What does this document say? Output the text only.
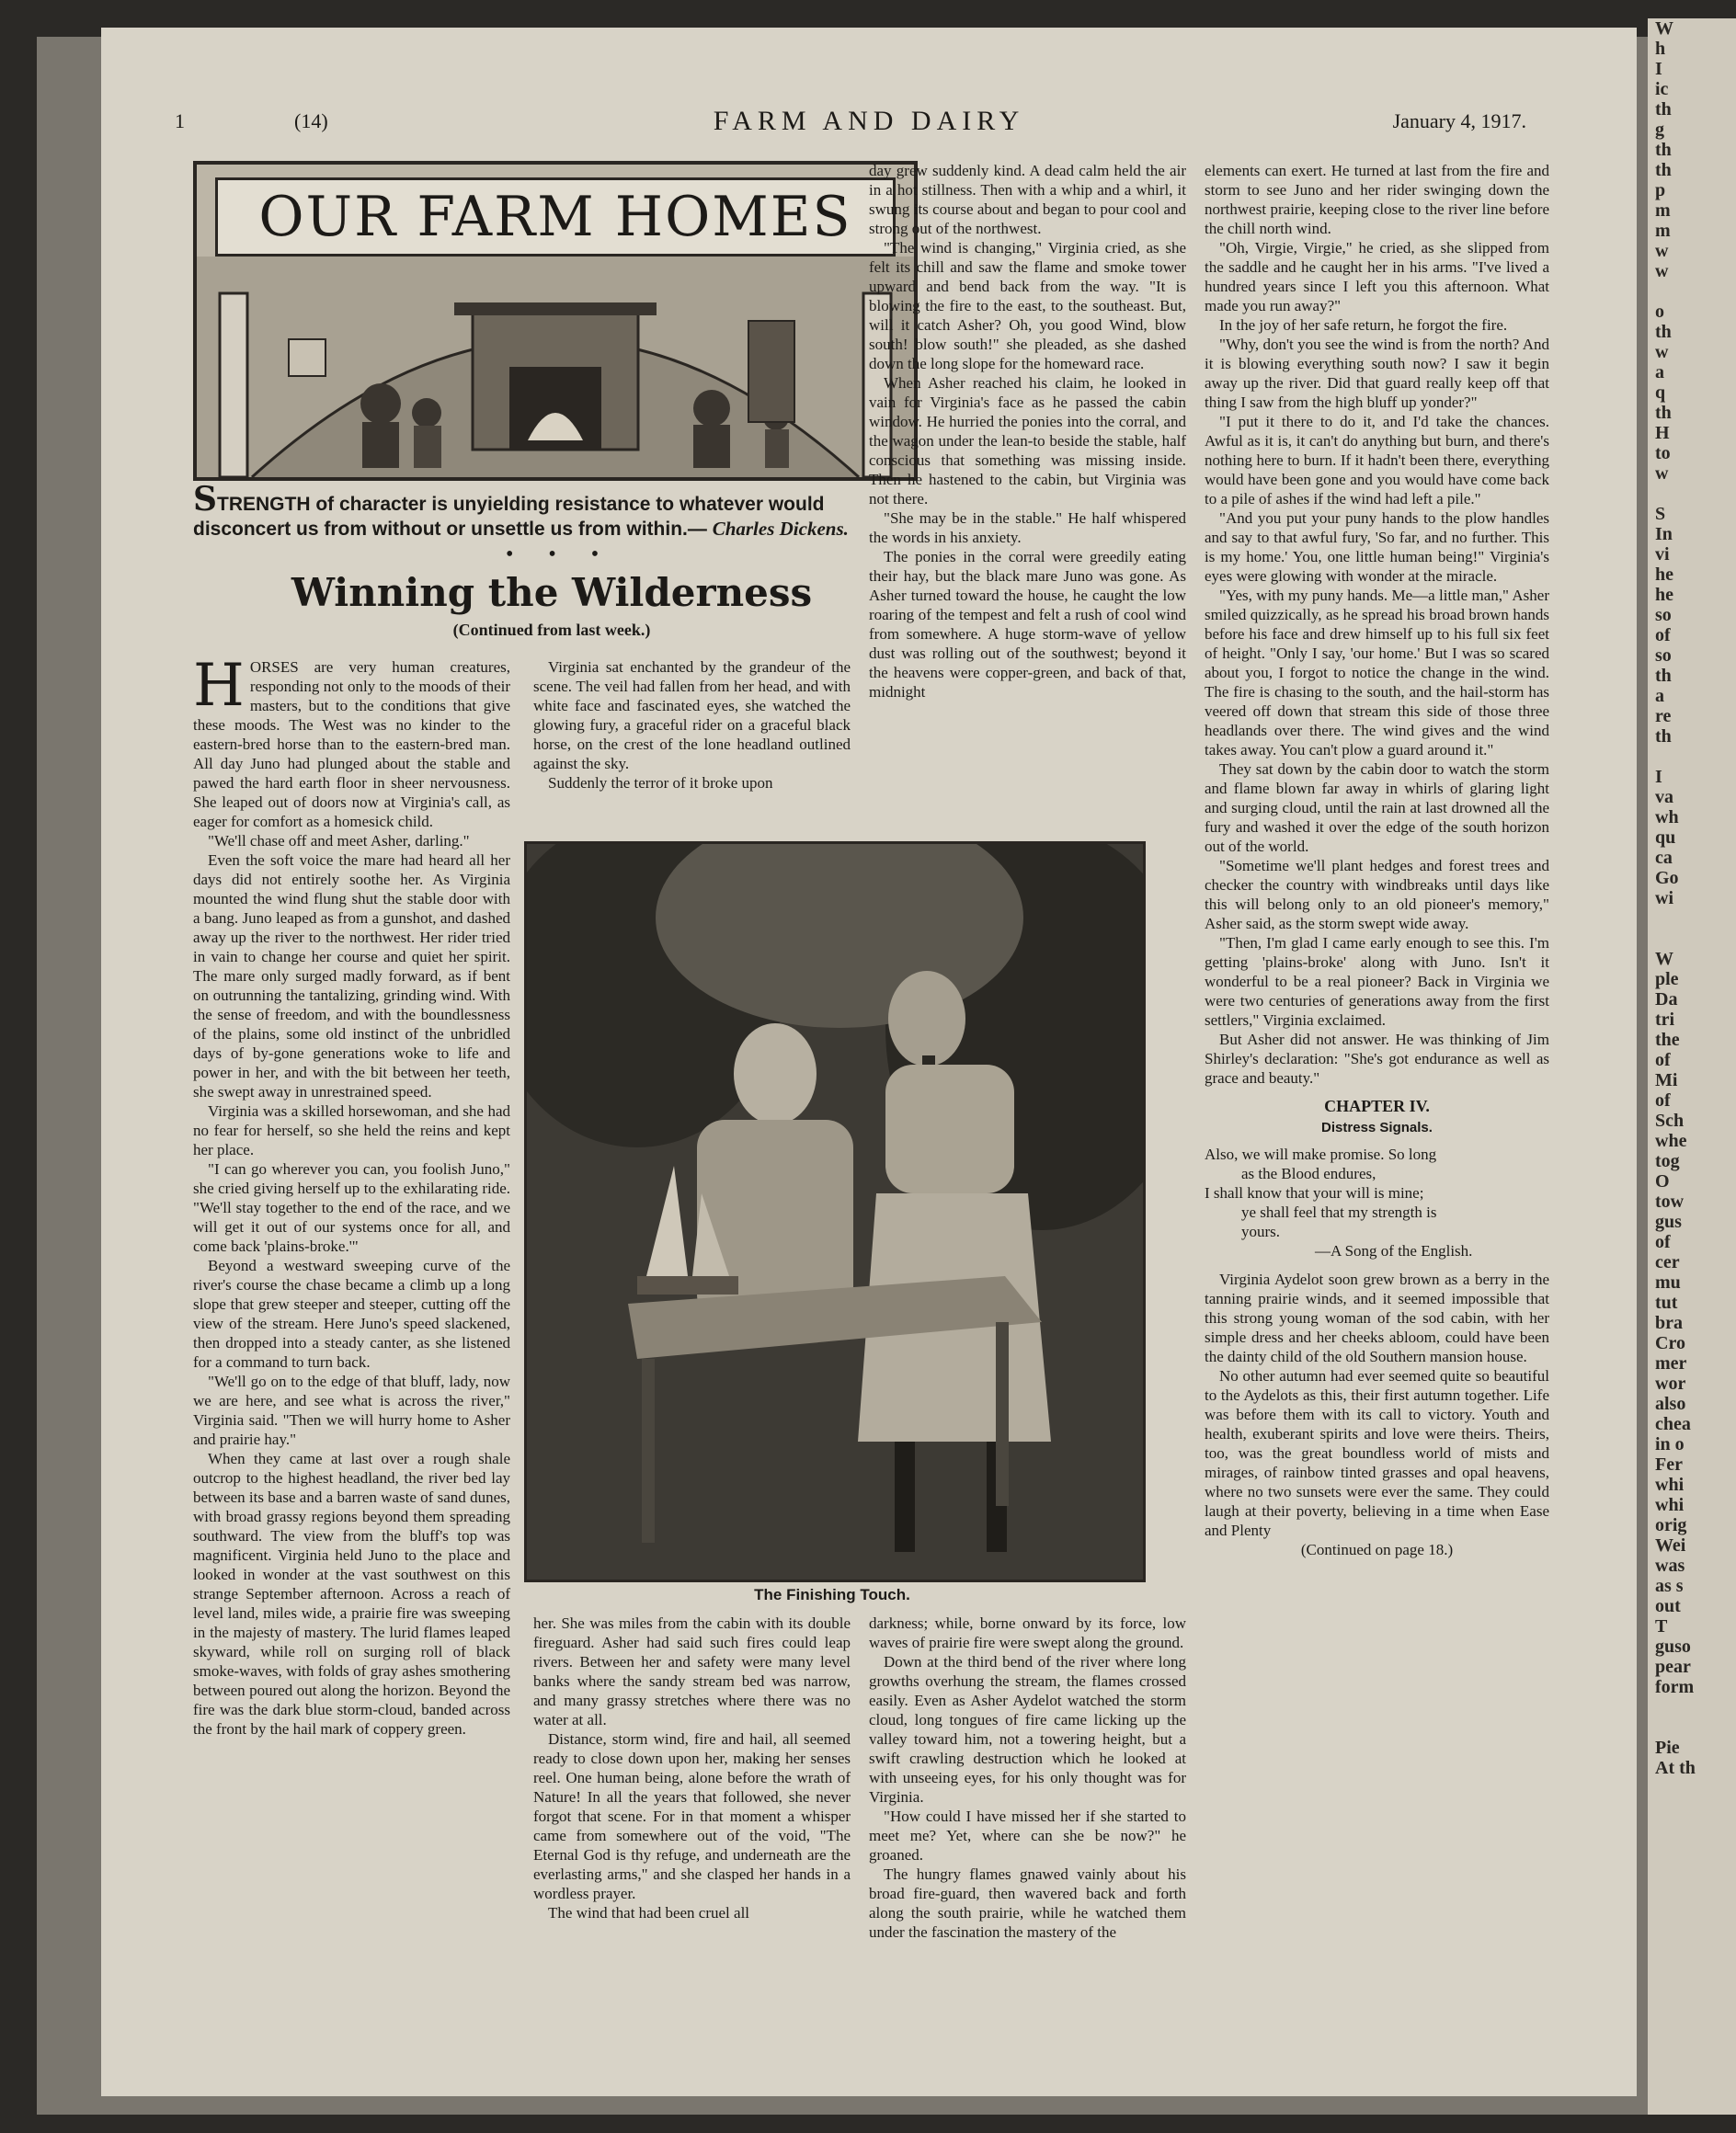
1	(14)	FARM AND DAIRY	January 4, 1917.
OUR FARM HOMES
STRENGTH of character is unyielding resistance to whatever would disconcert us from without or unsettle us from within.— Charles Dickens.
• • •
Winning the Wilderness
(Continued from last week.)
H ORSES are very human creatures, responding not only to the moods of their masters, but to the conditions that give these moods. The West was no kinder to the eastern-bred horse than to the eastern-bred man. All day Juno had plunged about the stable and pawed the hard earth floor in sheer nervousness. She leaped out of doors now at Virginia's call, as eager for comfort as a homesick child.

"We'll chase off and meet Asher, darling."

Even the soft voice the mare had heard all her days did not entirely soothe her. As Virginia mounted the wind flung shut the stable door with a bang. Juno leaped as from a gunshot, and dashed away up the river to the northwest. Her rider tried in vain to change her course and quiet her spirit. The mare only surged madly forward, as if bent on outrunning the tantalizing, grinding wind. With the sense of freedom, and with the boundlessness of the plains, some old instinct of the unbridled days of by-gone generations woke to life and power in her, and with the bit between her teeth, she swept away in unrestrained speed.

Virginia was a skilled horsewoman, and she had no fear for herself, so she held the reins and kept her place.

"I can go wherever you can, you foolish Juno," she cried giving herself up to the exhilarating ride. "We'll stay together to the end of the race, and we will get it out of our systems once for all, and come back 'plains-broke.'"

Beyond a westward sweeping curve of the river's course the chase became a climb up a long slope that grew steeper and steeper, cutting off the view of the stream. Here Juno's speed slackened, then dropped into a steady canter, as she listened for a command to turn back.

"We'll go on to the edge of that bluff, lady, now we are here, and see what is across the river," Virginia said. "Then we will hurry home to Asher and prairie hay."

When they came at last over a rough shale outcrop to the highest headland, the river bed lay between its base and a barren waste of sand dunes, with broad grassy regions beyond them spreading southward. The view from the bluff's top was magnificent. Virginia held Juno to the place and looked in wonder at the vast southwest on this strange September afternoon. Across a reach of level land, miles wide, a prairie fire was sweeping in the majesty of mastery. The lurid flames leaped skyward, while roll on surging roll of black smoke-waves, with folds of gray ashes smothering between poured out along the horizon. Beyond the fire was the dark blue storm-cloud, banded across the front by the hail mark of coppery green.

Virginia sat enchanted by the grandeur of the scene. The veil had fallen from her head, and with white face and fascinated eyes, she watched the glowing fury, a graceful rider on a graceful black horse, on the crest of the lone headland outlined against the sky.

Suddenly the terror of it broke upon

her. She was miles from the cabin with its double fireguard. Asher had said such fires could leap rivers. Between her and safety were many level banks where the sandy stream bed was narrow, and many grassy stretches where there was no water at all.

Distance, storm wind, fire and hail, all seemed ready to close down upon her, making her senses reel. One human being, alone before the wrath of Nature! In all the years that followed, she never forgot that scene. For in that moment a whisper came from somewhere out of the void, "The Eternal God is thy refuge, and underneath are the everlasting arms," and she clasped her hands in a wordless prayer.

The wind that had been cruel all

day grew suddenly kind. A dead calm held the air in a hot stillness. Then with a whip and a whirl, it swung its course about and began to pour cool and strong out of the northwest.

"The wind is changing," Virginia cried, as she felt its chill and saw the flame and smoke tower upward and bend back from the way. "It is blowing the fire to the east, to the southeast. But, will it catch Asher? Oh, you good Wind, blow south! blow south!" she pleaded, as she dashed down the long slope for the homeward race.

When Asher reached his claim, he looked in vain for Virginia's face as he passed the cabin window. He hurried the ponies into the corral, and the wagon under the lean-to beside the stable, half conscious that something was missing inside. Then he hastened to the cabin, but Virginia was not there.

"She may be in the stable." He half whispered the words in his anxiety.

The ponies in the corral were greedily eating their hay, but the black mare Juno was gone. As Asher turned toward the house, he caught the low roaring of the tempest and felt a rush of cool wind from somewhere. A huge storm-wave of yellow dust was rolling out of the southwest; beyond it the heavens were copper-green, and back of that, midnight

darkness; while, borne onward by its force, low waves of prairie fire were swept along the ground.

Down at the third bend of the river where long growths overhung the stream, the flames crossed easily. Even as Asher Aydelot watched the storm cloud, long tongues of fire came licking up the valley toward him, not a towering height, but a swift crawling destruction which he looked at with unseeing eyes, for his only thought was for Virginia.

"How could I have missed her if she started to meet me? Yet, where can she be now?" he groaned.

The hungry flames gnawed vainly about his broad fire-guard, then wavered back and forth along the south prairie, while he watched them under the fascination the mastery of the

elements can exert. He turned at last from the fire and storm to see Juno and her rider swinging down the northwest prairie, keeping close to the river line before the chill north wind.

"Oh, Virgie, Virgie," he cried, as she slipped from the saddle and he caught her in his arms. "I've lived a hundred years since I left you this afternoon. What made you run away?"

In the joy of her safe return, he forgot the fire.

"Why, don't you see the wind is from the north? And it is blowing everything south now? I saw it begin away up the river. Did that guard really keep off that thing I saw from the high bluff up yonder?"

"I put it there to do it, and I'd take the chances. Awful as it is, it can't do anything but burn, and there's nothing here to burn. If it hadn't been there, everything would have been gone and you would have come back to a pile of ashes if the wind had left a pile."

"And you put your puny hands to the plow handles and say to that awful fury, 'So far, and no further. This is my home.' You, one little human being!" Virginia's eyes were glowing with wonder at the miracle.

"Yes, with my puny hands. Me—a little man," Asher smiled quizzically, as he spread his broad brown hands before his face and drew himself up to his full six feet of height. "Only I say, 'our home.' But I was so scared about you, I forgot to notice the change in the wind. The fire is chasing to the south, and the hail-storm has veered off down that stream this side of those three headlands over there. The wind gives and the wind takes away. You can't plow a guard around it."

They sat down by the cabin door to watch the storm and flame blown far away in whirls of glaring light and surging cloud, until the rain at last drowned all the fury and washed it over the edge of the south horizon out of the world.

"Sometime we'll plant hedges and forest trees and checker the country with windbreaks until days like this will belong only to an old pioneer's memory," Asher said, as the storm swept wide away.

"Then, I'm glad I came early enough to see this. I'm getting 'plains-broke' along with Juno. Isn't it wonderful to be a real pioneer? Back in Virginia we were two centuries of generations away from the first settlers," Virginia exclaimed.

But Asher did not answer. He was thinking of Jim Shirley's declaration: "She's got endurance as well as grace and beauty."

CHAPTER IV.
Distress Signals.
Also, we will make promise. So long
as the Blood endures,
I shall know that your will is mine;
ye shall feel that my strength is
yours.
—A Song of the English.

Virginia Aydelot soon grew brown as a berry in the tanning prairie winds, and it seemed impossible that this strong young woman of the sod cabin, with her simple dress and her cheeks abloom, could have been the dainty child of the old Southern mansion house.

No other autumn had ever seemed quite so beautiful to the Aydelots as this, their first autumn together. Life was before them with its call to victory. Youth and health, exuberant spirits and love were theirs. Theirs, too, was the great boundless world of mists and mirages, of rainbow tinted grasses and opal heavens, where no two sunsets were ever the same. They could laugh at their poverty, believing in a time when Ease and Plenty

(Continued on page 18.)
The Finishing Touch.
W
h
I
ic
th
g
th
th
p
m
m
w
w

o
th
w
a
q
th
H
to
w

S
In
vi
he
he
so
of
so
th
a
re
th

I
va
wh
qu
ca
Go
wi

W
ple
Da
tri
the
of
Mi
of
Sch
whe
tog
O
tow
gus
of
cer
mu
tut
bra
Cro
mer
wor
also
chea
in o
Fer
whi
whi
orig
Wei
was
as s
out
T
guso
pear
form

Pie
At th
